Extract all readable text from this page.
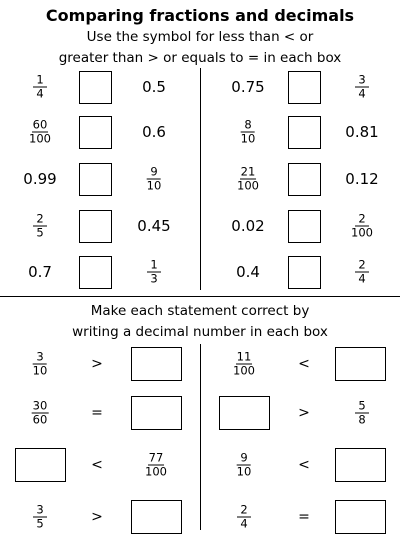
Comparing fractions and decimals
Use the symbol for less than < or
greater than > or equals to = in each box
Make each statement correct by
writing a decimal number in each box
$\frac{1}{4}$	0.5
$\frac{60}{100}$	0.6
0.99	$\frac{9}{10}$
$\frac{2}{5}$	0.45
0.7	$\frac{1}{3}$
0.75	$\frac{3}{4}$
$\frac{8}{10}$	0.81
$\frac{21}{100}$	0.12
0.02	$\frac{2}{100}$
0.4	$\frac{2}{4}$
$\frac{3}{10}$	>
$\frac{30}{60}$	=
<	$\frac{77}{100}$
$\frac{3}{5}$	>
$\frac{11}{100}$	<
>	$\frac{5}{8}$
$\frac{9}{10}$	<
$\frac{2}{4}$	=
